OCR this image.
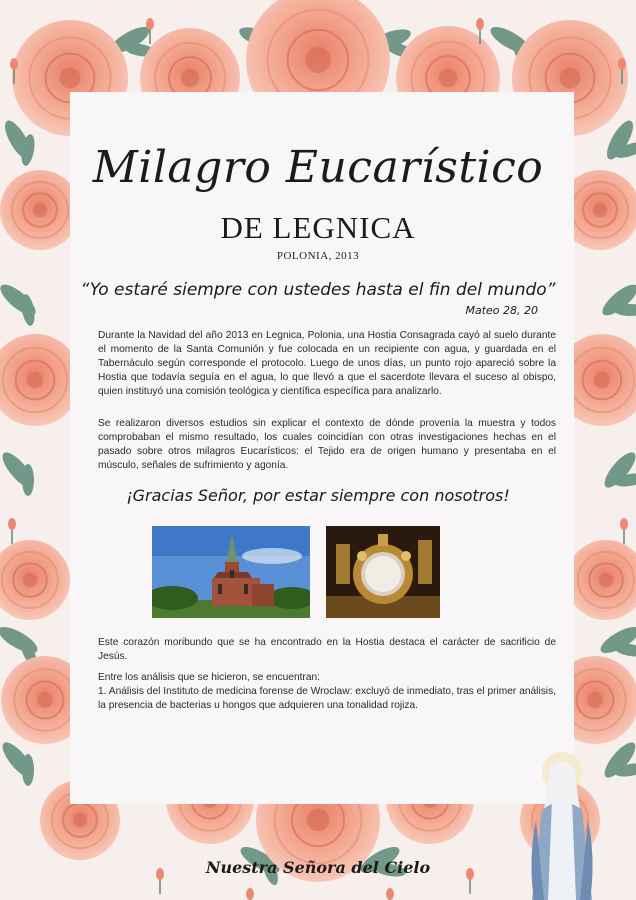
Milagro Eucarístico
DE LEGNICA
POLONIA, 2013
“Yo estaré siempre con ustedes hasta el fin del mundo”
Mateo 28, 20

Durante la Navidad del año 2013 en Legnica, Polonia, una Hostia Consagrada cayó al suelo durante el momento de la Santa Comunión y fue colocada en un recipiente con agua, y guardada en el Tabernáculo según corresponde el protocolo. Luego de unos días, un punto rojo apareció sobre la Hostia que todavía seguía en el agua, lo que llevó a que el sacerdote llevara el suceso al obispo, quien instituyó una comisión teológica y científica específica para analizarlo.

Se realizaron diversos estudios sin explicar el contexto de dónde provenía la muestra y todos comprobaban el mismo resultado, los cuales coincidían con otras investigaciones hechas en el pasado sobre otros milagros Eucarísticos: el Tejido era de origen humano y presentaba en el músculo, señales de sufrimiento y agonía.

¡Gracias Señor, por estar siempre con nosotros!

Este corazón moribundo que se ha encontrado en la Hostia destaca el carácter de sacrificio de Jesús.

Entre los análisis que se hicieron, se encuentran:
1. Análisis del Instituto de medicina forense de Wroclaw: excluyó de inmediato, tras el primer análisis, la presencia de bacterias u hongos que adquieren una tonalidad rojiza.

Nuestra Señora del Cielo
